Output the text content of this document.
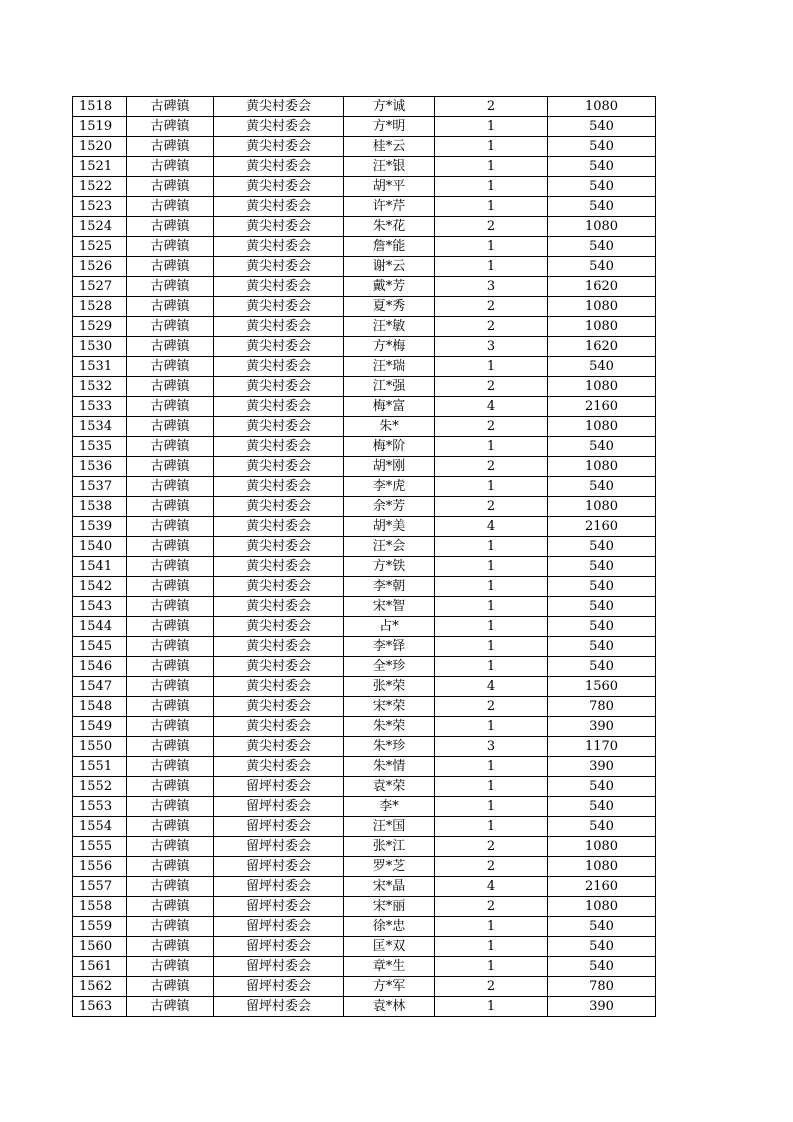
1518	古碑镇	黄尖村委会	方*诚	2	1080
1519	古碑镇	黄尖村委会	方*明	1	540
1520	古碑镇	黄尖村委会	桂*云	1	540
1521	古碑镇	黄尖村委会	汪*银	1	540
1522	古碑镇	黄尖村委会	胡*平	1	540
1523	古碑镇	黄尖村委会	许*芹	1	540
1524	古碑镇	黄尖村委会	朱*花	2	1080
1525	古碑镇	黄尖村委会	詹*能	1	540
1526	古碑镇	黄尖村委会	谢*云	1	540
1527	古碑镇	黄尖村委会	戴*芳	3	1620
1528	古碑镇	黄尖村委会	夏*秀	2	1080
1529	古碑镇	黄尖村委会	汪*敏	2	1080
1530	古碑镇	黄尖村委会	方*梅	3	1620
1531	古碑镇	黄尖村委会	汪*瑞	1	540
1532	古碑镇	黄尖村委会	江*强	2	1080
1533	古碑镇	黄尖村委会	梅*富	4	2160
1534	古碑镇	黄尖村委会	朱*	2	1080
1535	古碑镇	黄尖村委会	梅*阶	1	540
1536	古碑镇	黄尖村委会	胡*刚	2	1080
1537	古碑镇	黄尖村委会	李*虎	1	540
1538	古碑镇	黄尖村委会	余*芳	2	1080
1539	古碑镇	黄尖村委会	胡*美	4	2160
1540	古碑镇	黄尖村委会	汪*会	1	540
1541	古碑镇	黄尖村委会	方*铁	1	540
1542	古碑镇	黄尖村委会	李*朝	1	540
1543	古碑镇	黄尖村委会	宋*智	1	540
1544	古碑镇	黄尖村委会	占*	1	540
1545	古碑镇	黄尖村委会	李*铎	1	540
1546	古碑镇	黄尖村委会	全*珍	1	540
1547	古碑镇	黄尖村委会	张*荣	4	1560
1548	古碑镇	黄尖村委会	宋*荣	2	780
1549	古碑镇	黄尖村委会	朱*荣	1	390
1550	古碑镇	黄尖村委会	朱*珍	3	1170
1551	古碑镇	黄尖村委会	朱*情	1	390
1552	古碑镇	留坪村委会	袁*荣	1	540
1553	古碑镇	留坪村委会	李*	1	540
1554	古碑镇	留坪村委会	汪*国	1	540
1555	古碑镇	留坪村委会	张*江	2	1080
1556	古碑镇	留坪村委会	罗*芝	2	1080
1557	古碑镇	留坪村委会	宋*晶	4	2160
1558	古碑镇	留坪村委会	宋*丽	2	1080
1559	古碑镇	留坪村委会	徐*忠	1	540
1560	古碑镇	留坪村委会	匡*双	1	540
1561	古碑镇	留坪村委会	章*生	1	540
1562	古碑镇	留坪村委会	方*军	2	780
1563	古碑镇	留坪村委会	袁*林	1	390
